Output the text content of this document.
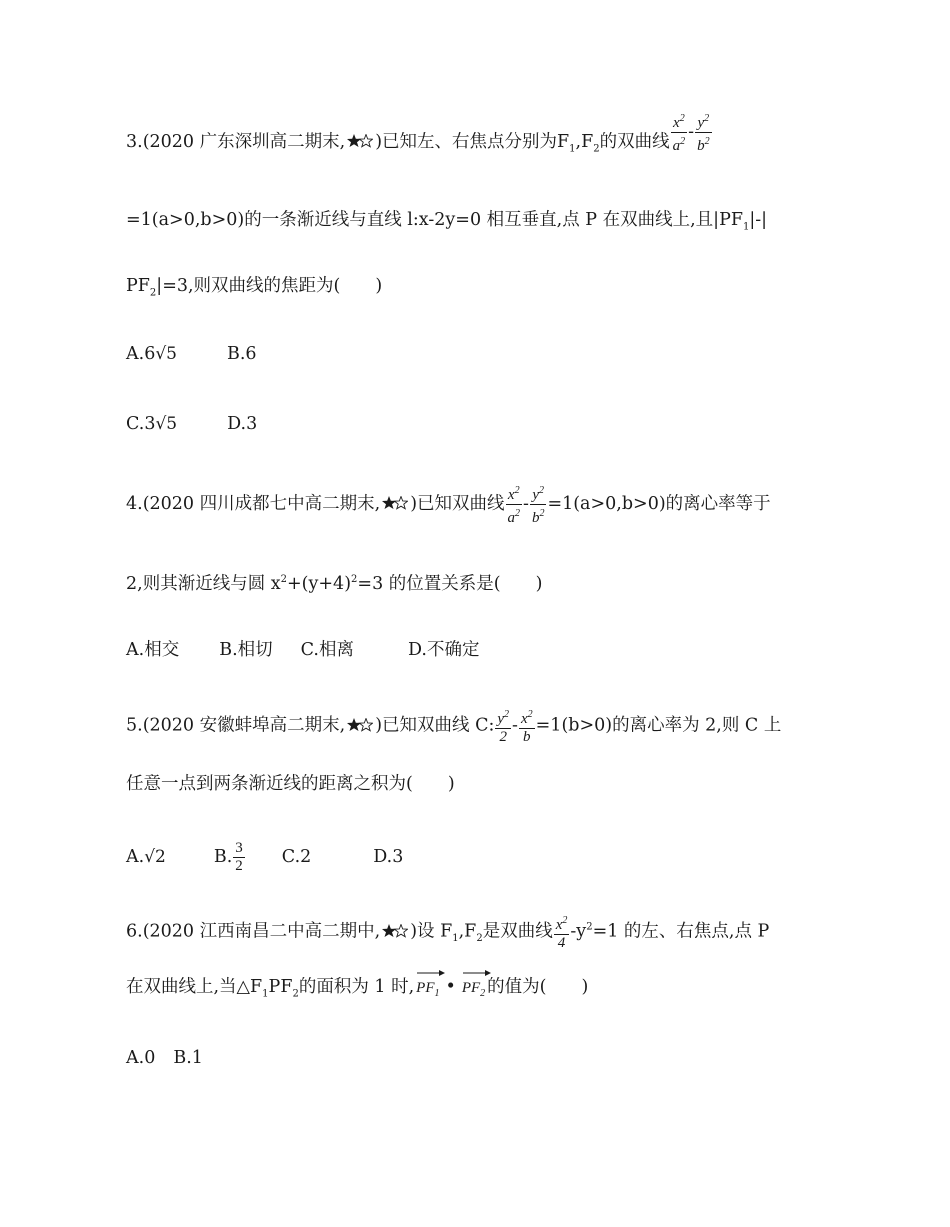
3.(2020 广东深圳高二期末, )已知左、右焦点分别为$F_1,F_2$的双曲线 $\frac{x^2}{a^2} - \frac{y^2}{b^2}$
=1(a>0,b>0)的一条渐近线与直线 l:x-2y=0 相互垂直,点 P 在双曲线上,且$|PF_1|-|$
$PF_2|=3$,则双曲线的焦距为(　　)
A.6√5	B.6
C.3√5	D.3
4.(2020 四川成都七中高二期末, )已知双曲线 $\frac{x^2}{a^2} - \frac{y^2}{b^2} =1(a>0,b>0)$的离心率等于
2,则其渐近线与圆 $x^2+(y+4)^2=3$ 的位置关系是(　　)
A.相交 B.相切 C.相离	D.不确定
5.(2020 安徽蚌埠高二期末, )已知双曲线 C: $\frac{y^2}{2} - \frac{x^2}{b} =1(b>0)$的离心率为 2,则 C 上
任意一点到两条渐近线的距离之积为(　　)
A.√2	B. $\frac{3}{2} C.2$	D.3
6.(2020 江西南昌二中高二期中, )设 $F_1,F_2$是双曲线 $\frac{x^2}{4} -y^2=1$ 的左、右焦点,点 P
在双曲线上,当$\triangle F_1PF_2$的面积为 1 时, $PF_1$ • $PF_2$ 的值为(　　)
A.0 B.1
